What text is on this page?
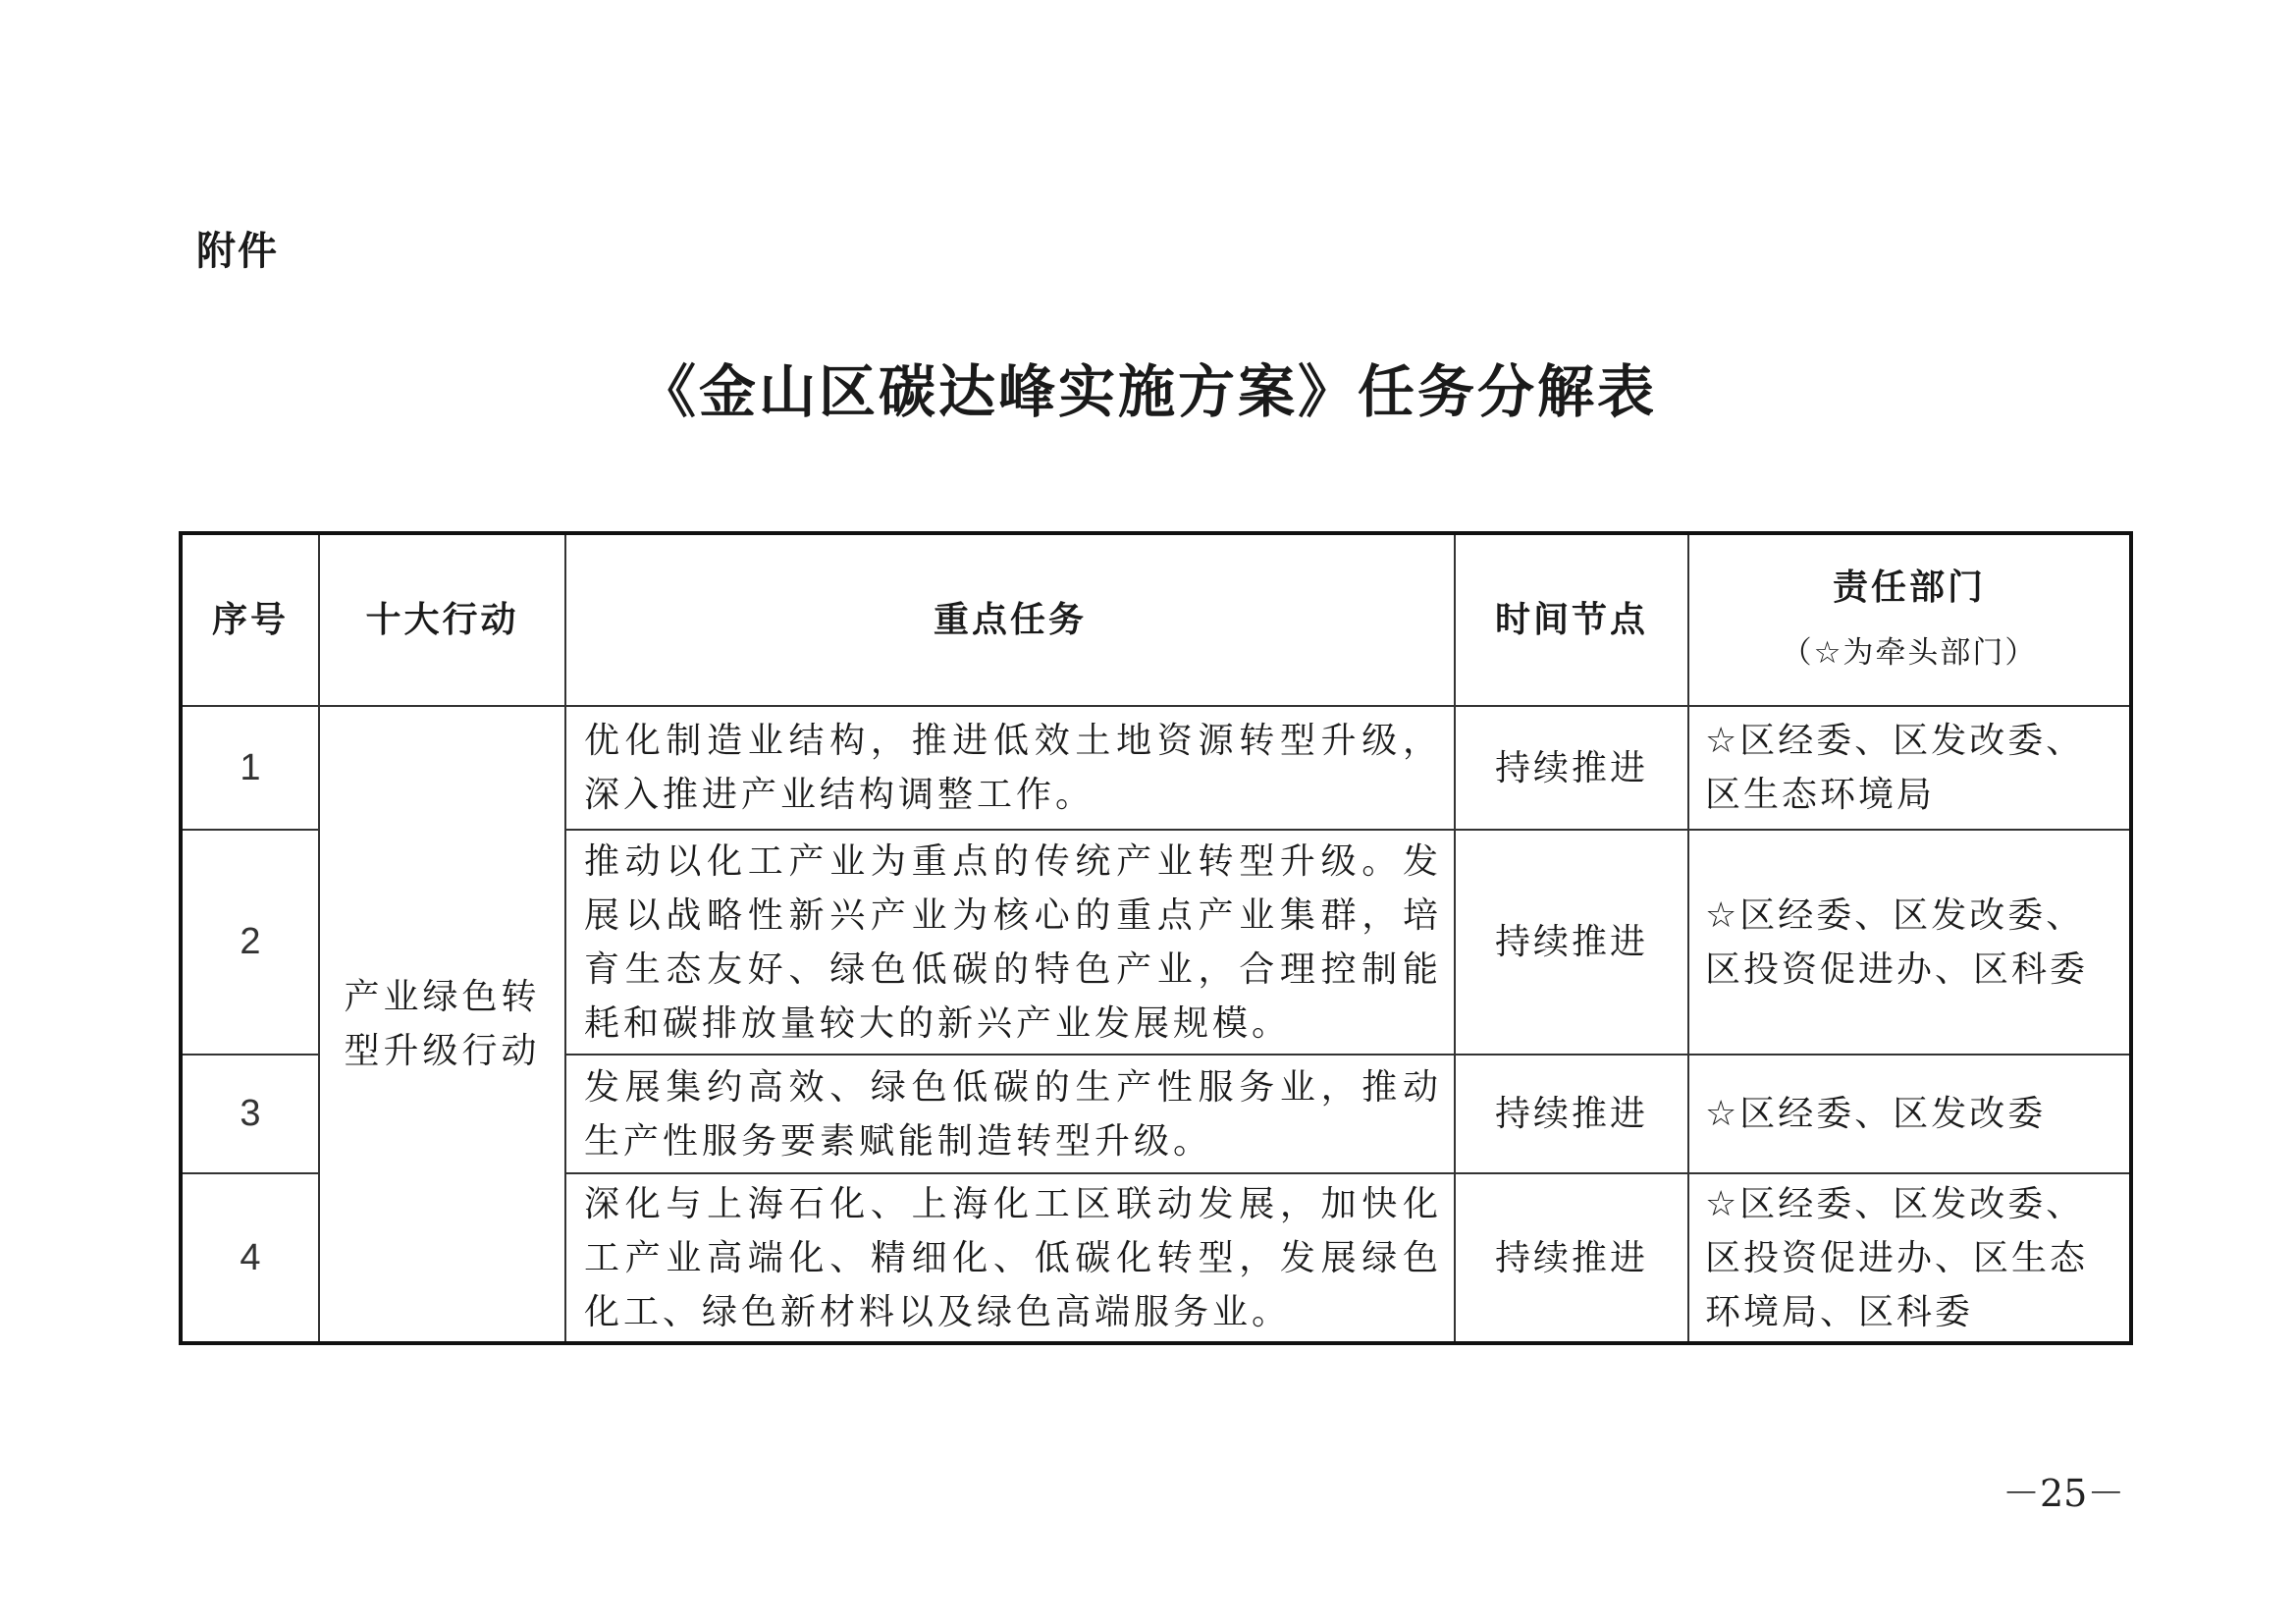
附件
《金山区碳达峰实施方案》任务分解表
序号	十大行动	重点任务	时间节点	责任部门
（☆为牵头部门）

1	产业绿色转型升级行动	优化制造业结构，推进低效土地资源转型升级，深入推进产业结构调整工作。	持续推进	☆区经委、区发改委、区生态环境局
2		推动以化工产业为重点的传统产业转型升级。发展以战略性新兴产业为核心的重点产业集群，培育生态友好、绿色低碳的特色产业，合理控制能耗和碳排放量较大的新兴产业发展规模。	持续推进	☆区经委、区发改委、区投资促进办、区科委
3		发展集约高效、绿色低碳的生产性服务业，推动生产性服务要素赋能制造转型升级。	持续推进	☆区经委、区发改委
4		深化与上海石化、上海化工区联动发展，加快化工产业高端化、精细化、低碳化转型，发展绿色化工、绿色新材料以及绿色高端服务业。	持续推进	☆区经委、区发改委、区投资促进办、区生态环境局、区科委
－25－
